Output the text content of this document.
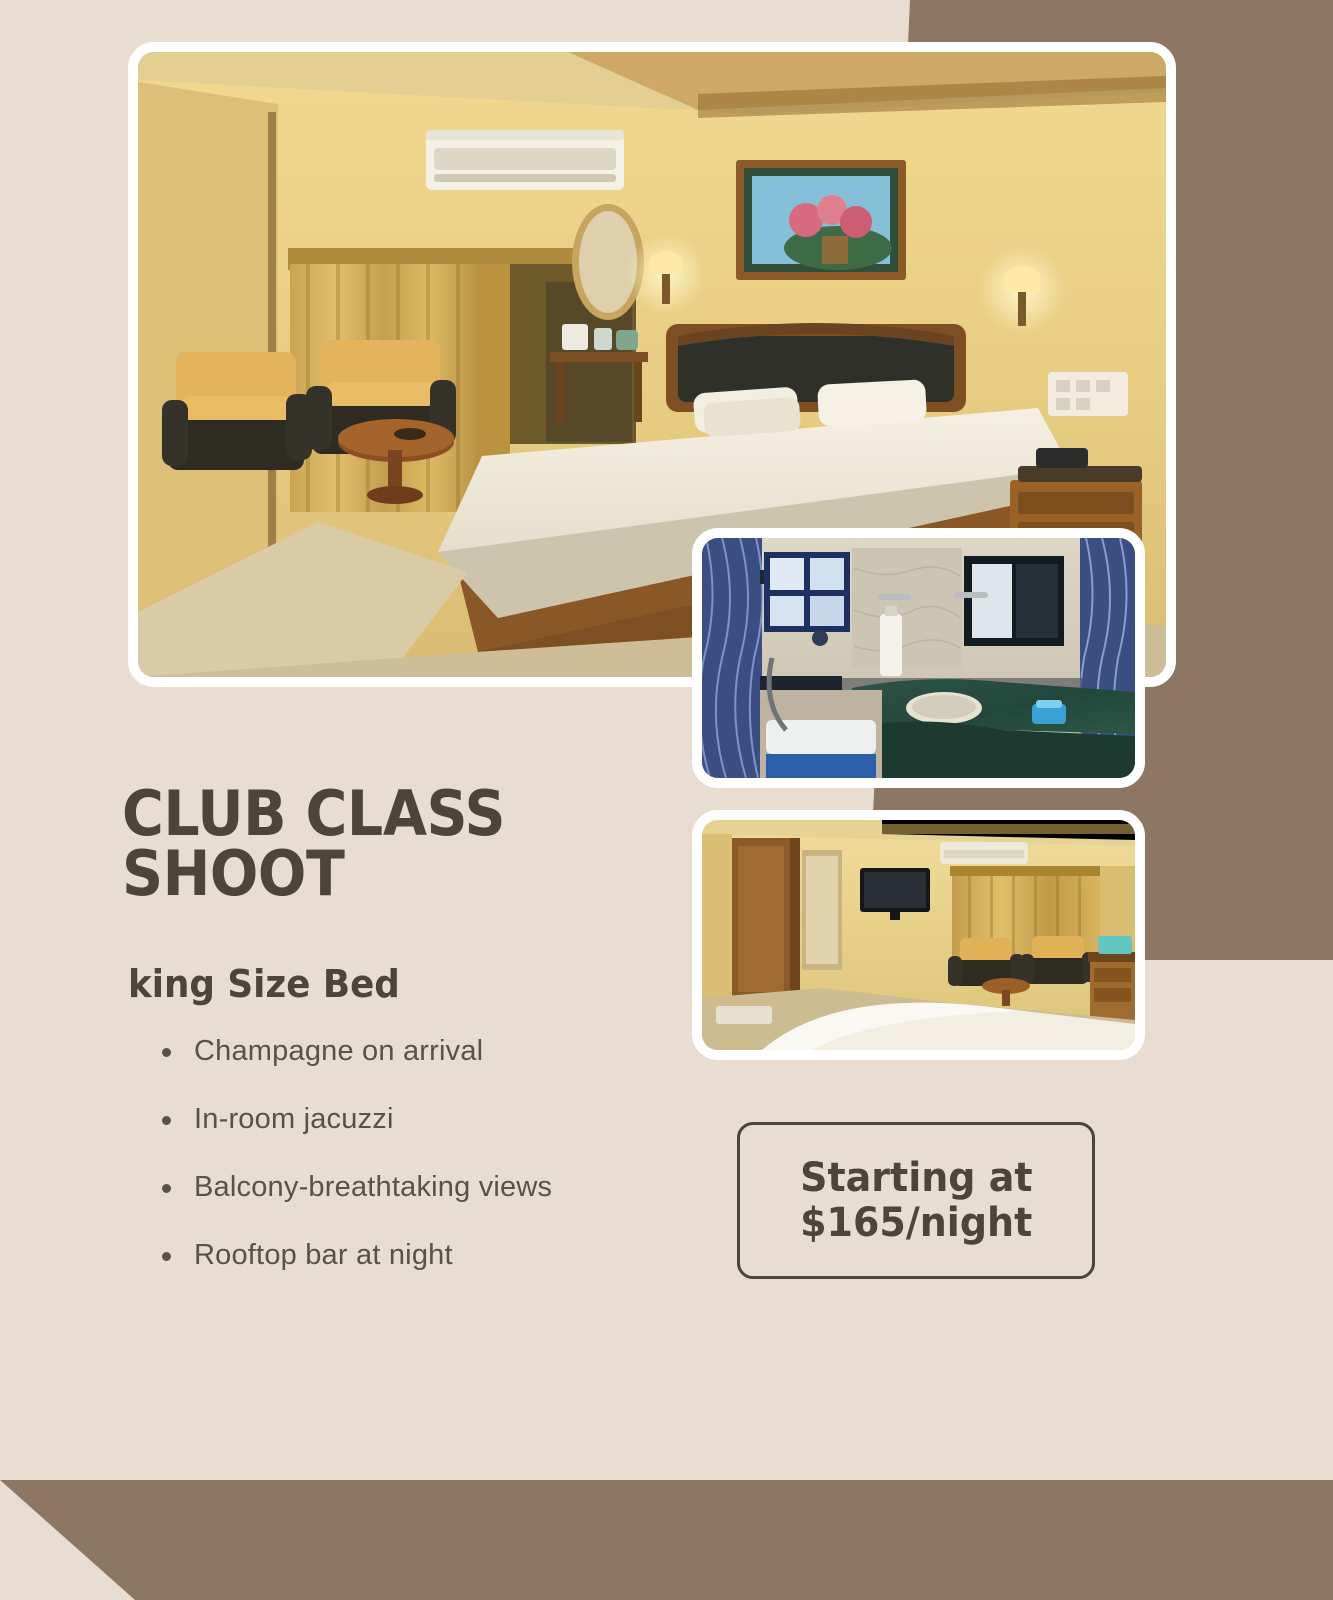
CLUB CLASS
SHOOT
king Size Bed
Champagne on arrival
In-room jacuzzi
Balcony-breathtaking views
Rooftop bar at night
Starting at
$165/night
